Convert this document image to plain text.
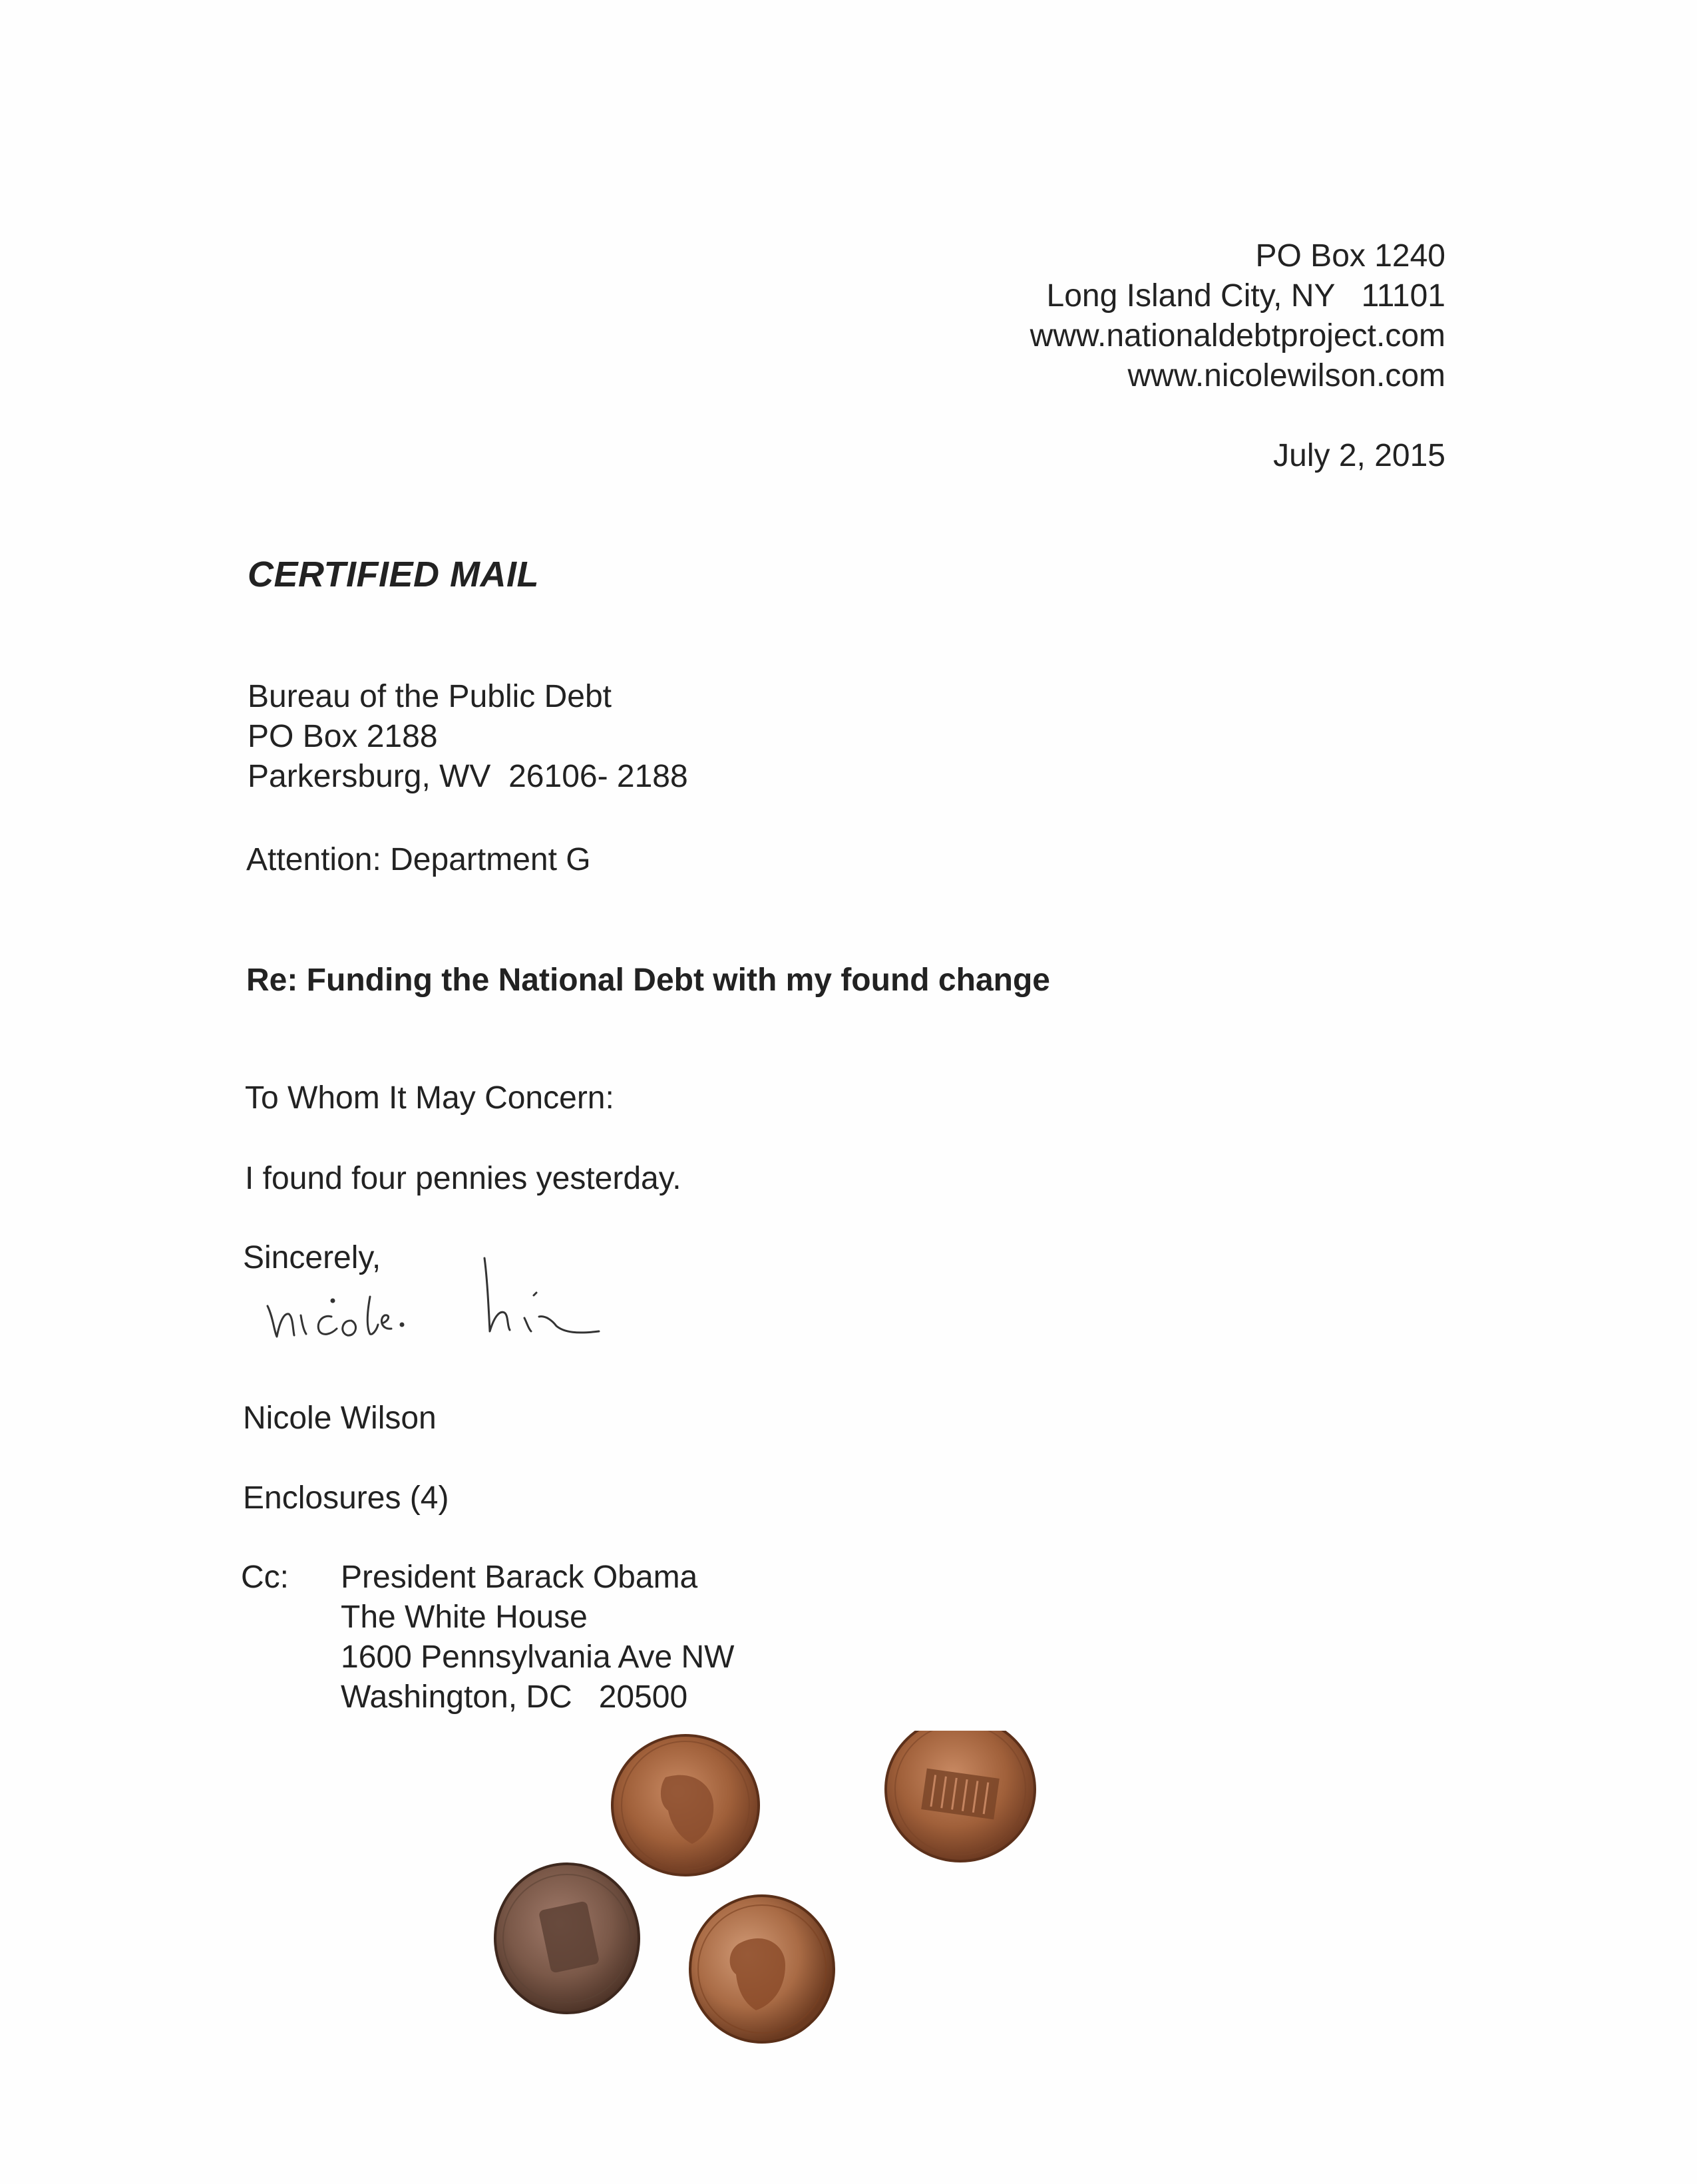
PO Box 1240
Long Island City, NY   11101
www.nationaldebtproject.com
www.nicolewilson.com
July 2, 2015
CERTIFIED MAIL
Bureau of the Public Debt
PO Box 2188
Parkersburg, WV  26106- 2188
Attention: Department G
Re: Funding the National Debt with my found change
To Whom It May Concern:
I found four pennies yesterday.
Sincerely,
Nicole Wilson
Enclosures (4)
Cc: President Barack Obama
The White House
1600 Pennsylvania Ave NW
Washington, DC   20500
